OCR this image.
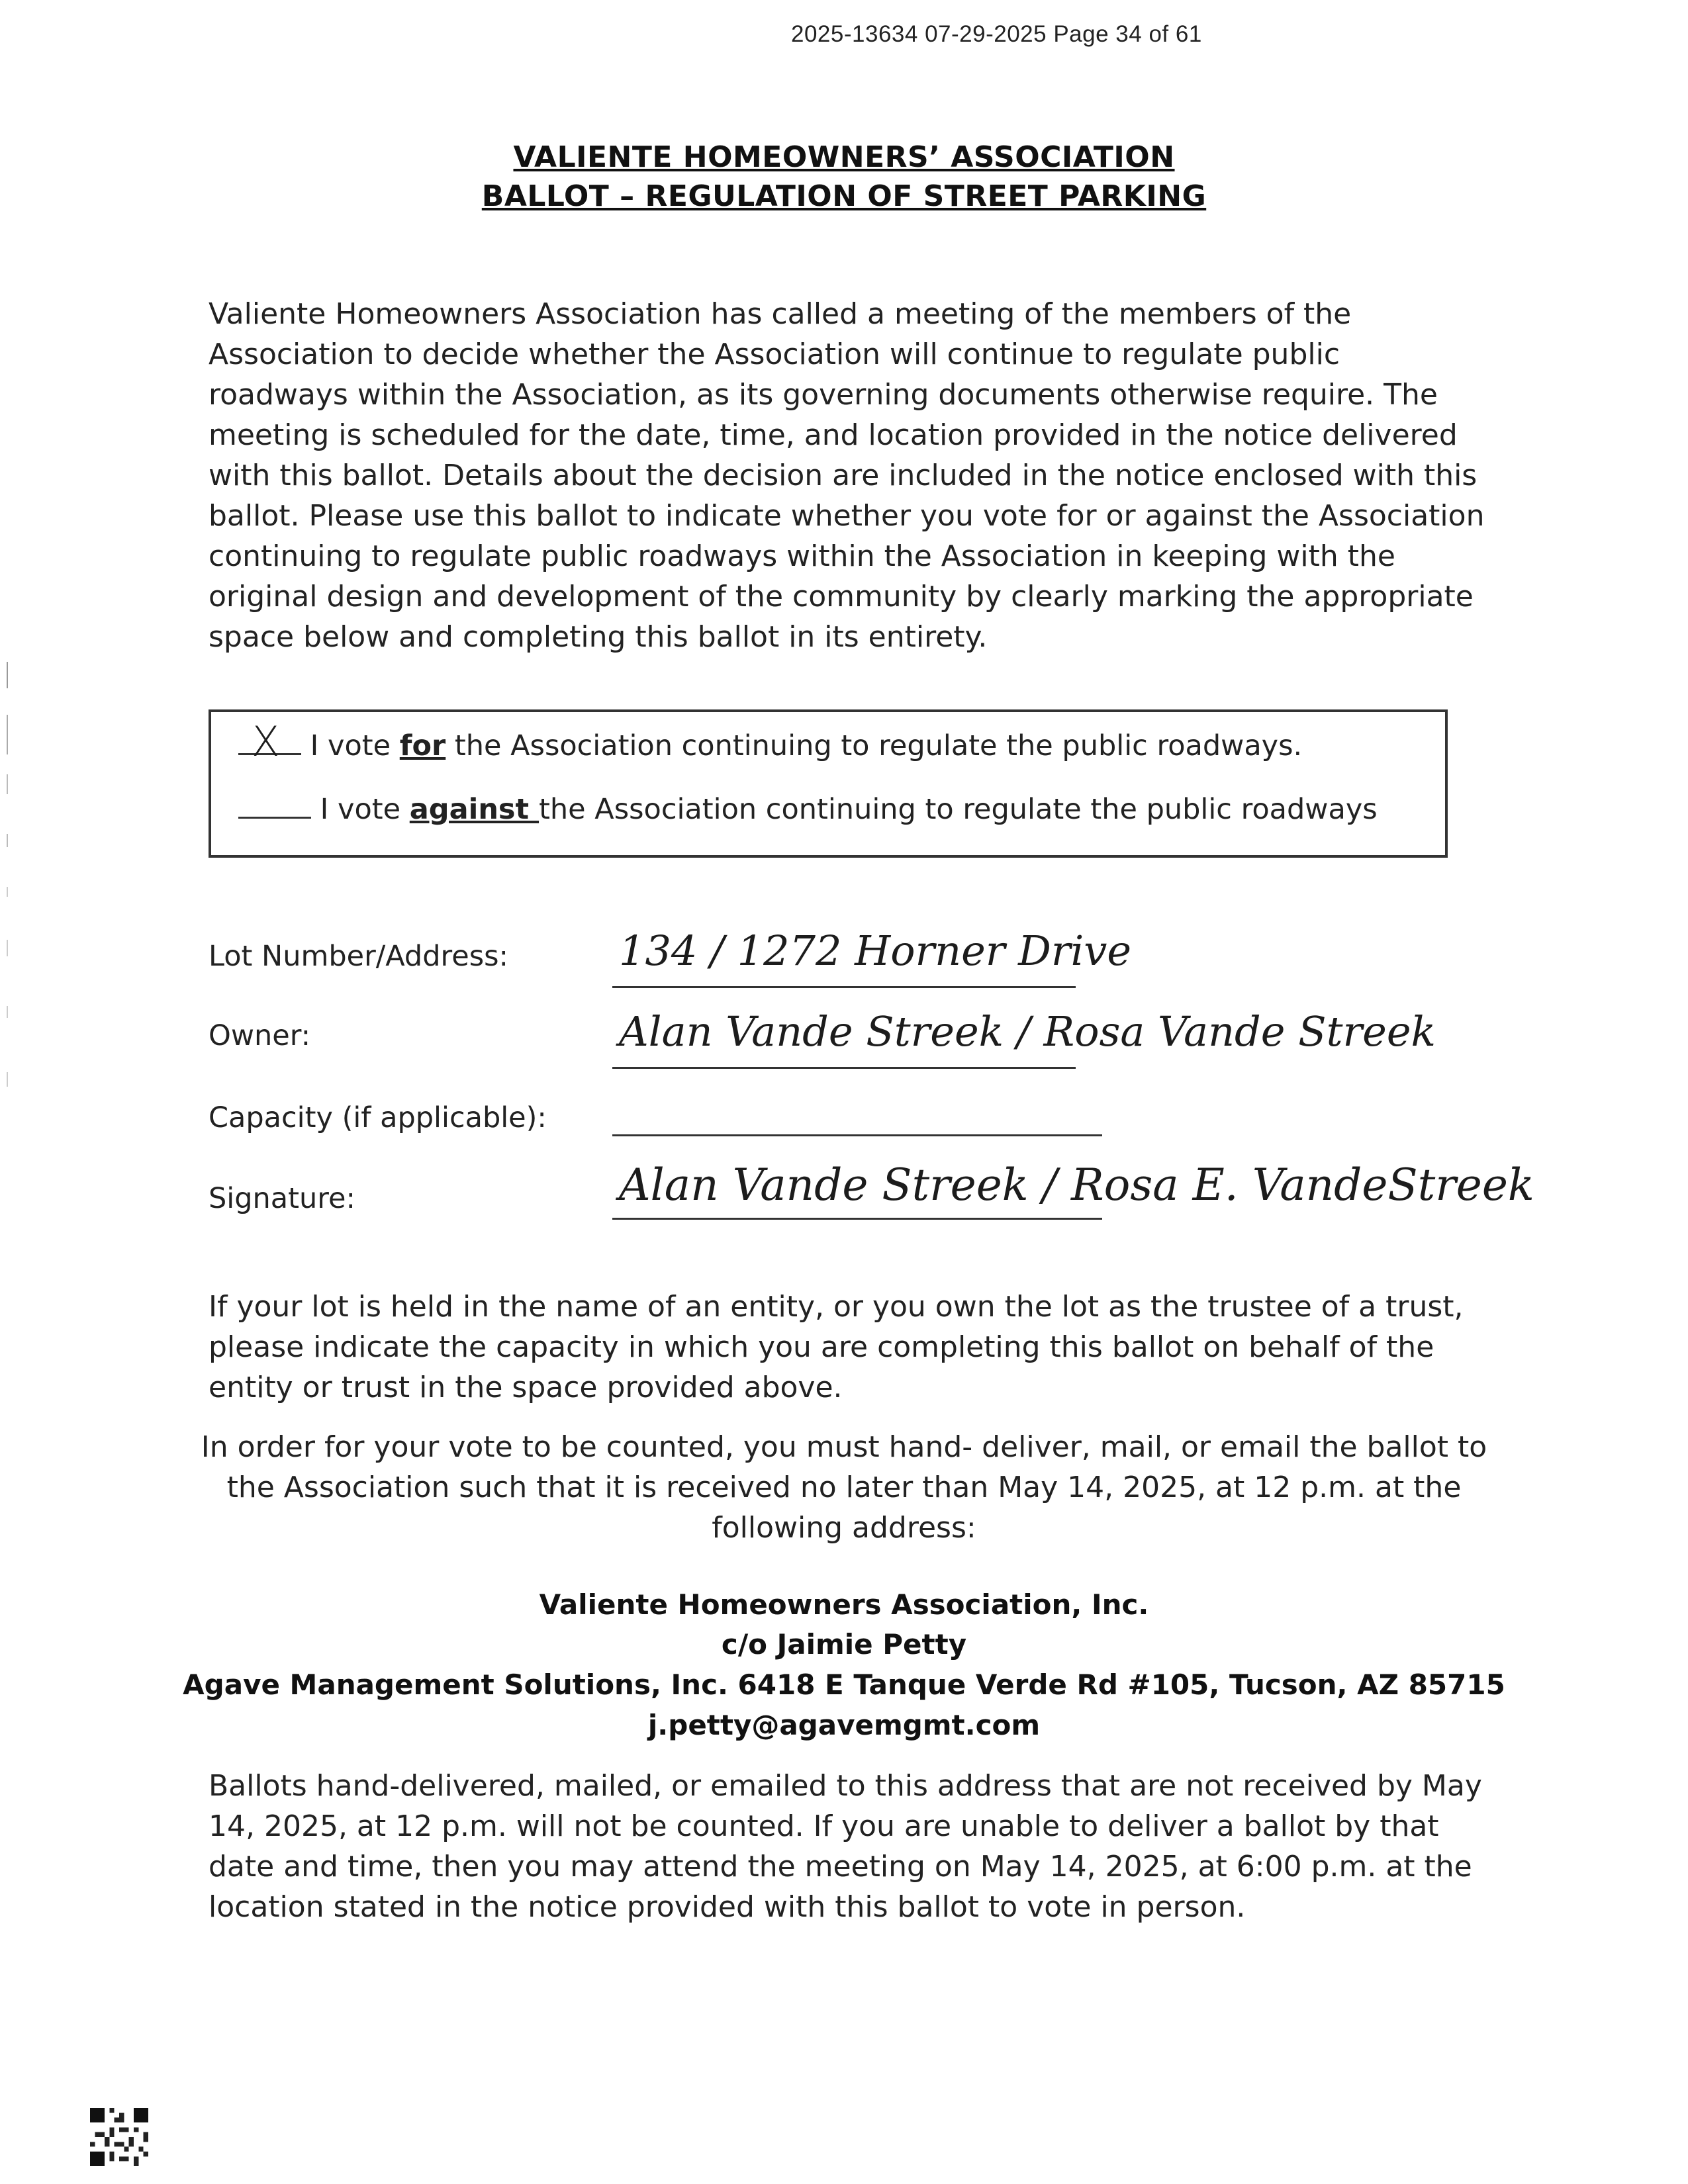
2025-13634 07-29-2025 Page 34 of 61
VALIENTE HOMEOWNERS’ ASSOCIATION
BALLOT – REGULATION OF STREET PARKING
Valiente Homeowners Association has called a meeting of the members of the
Association to decide whether the Association will continue to regulate public
roadways within the Association, as its governing documents otherwise require. The
meeting is scheduled for the date, time, and location provided in the notice delivered
with this ballot. Details about the decision are included in the notice enclosed with this
ballot. Please use this ballot to indicate whether you vote for or against the Association
continuing to regulate public roadways within the Association in keeping with the
original design and development of the community by clearly marking the appropriate
space below and completing this ballot in its entirety.
X I vote for the Association continuing to regulate the public roadways.
I vote against the Association continuing to regulate the public roadways
Lot Number/Address:	134 / 1272 Horner Drive
Owner:	Alan Vande Streek / Rosa Vande Streek
Capacity (if applicable):
Signature:	Alan Vande Streek / Rosa E. VandeStreek
If your lot is held in the name of an entity, or you own the lot as the trustee of a trust,
please indicate the capacity in which you are completing this ballot on behalf of the
entity or trust in the space provided above.
In order for your vote to be counted, you must hand- deliver, mail, or email the ballot to
the Association such that it is received no later than May 14, 2025, at 12 p.m. at the
following address:
Valiente Homeowners Association, Inc.
c/o Jaimie Petty
Agave Management Solutions, Inc. 6418 E Tanque Verde Rd #105, Tucson, AZ 85715
j.petty@agavemgmt.com
Ballots hand-delivered, mailed, or emailed to this address that are not received by May
14, 2025, at 12 p.m. will not be counted. If you are unable to deliver a ballot by that
date and time, then you may attend the meeting on May 14, 2025, at 6:00 p.m. at the
location stated in the notice provided with this ballot to vote in person.
